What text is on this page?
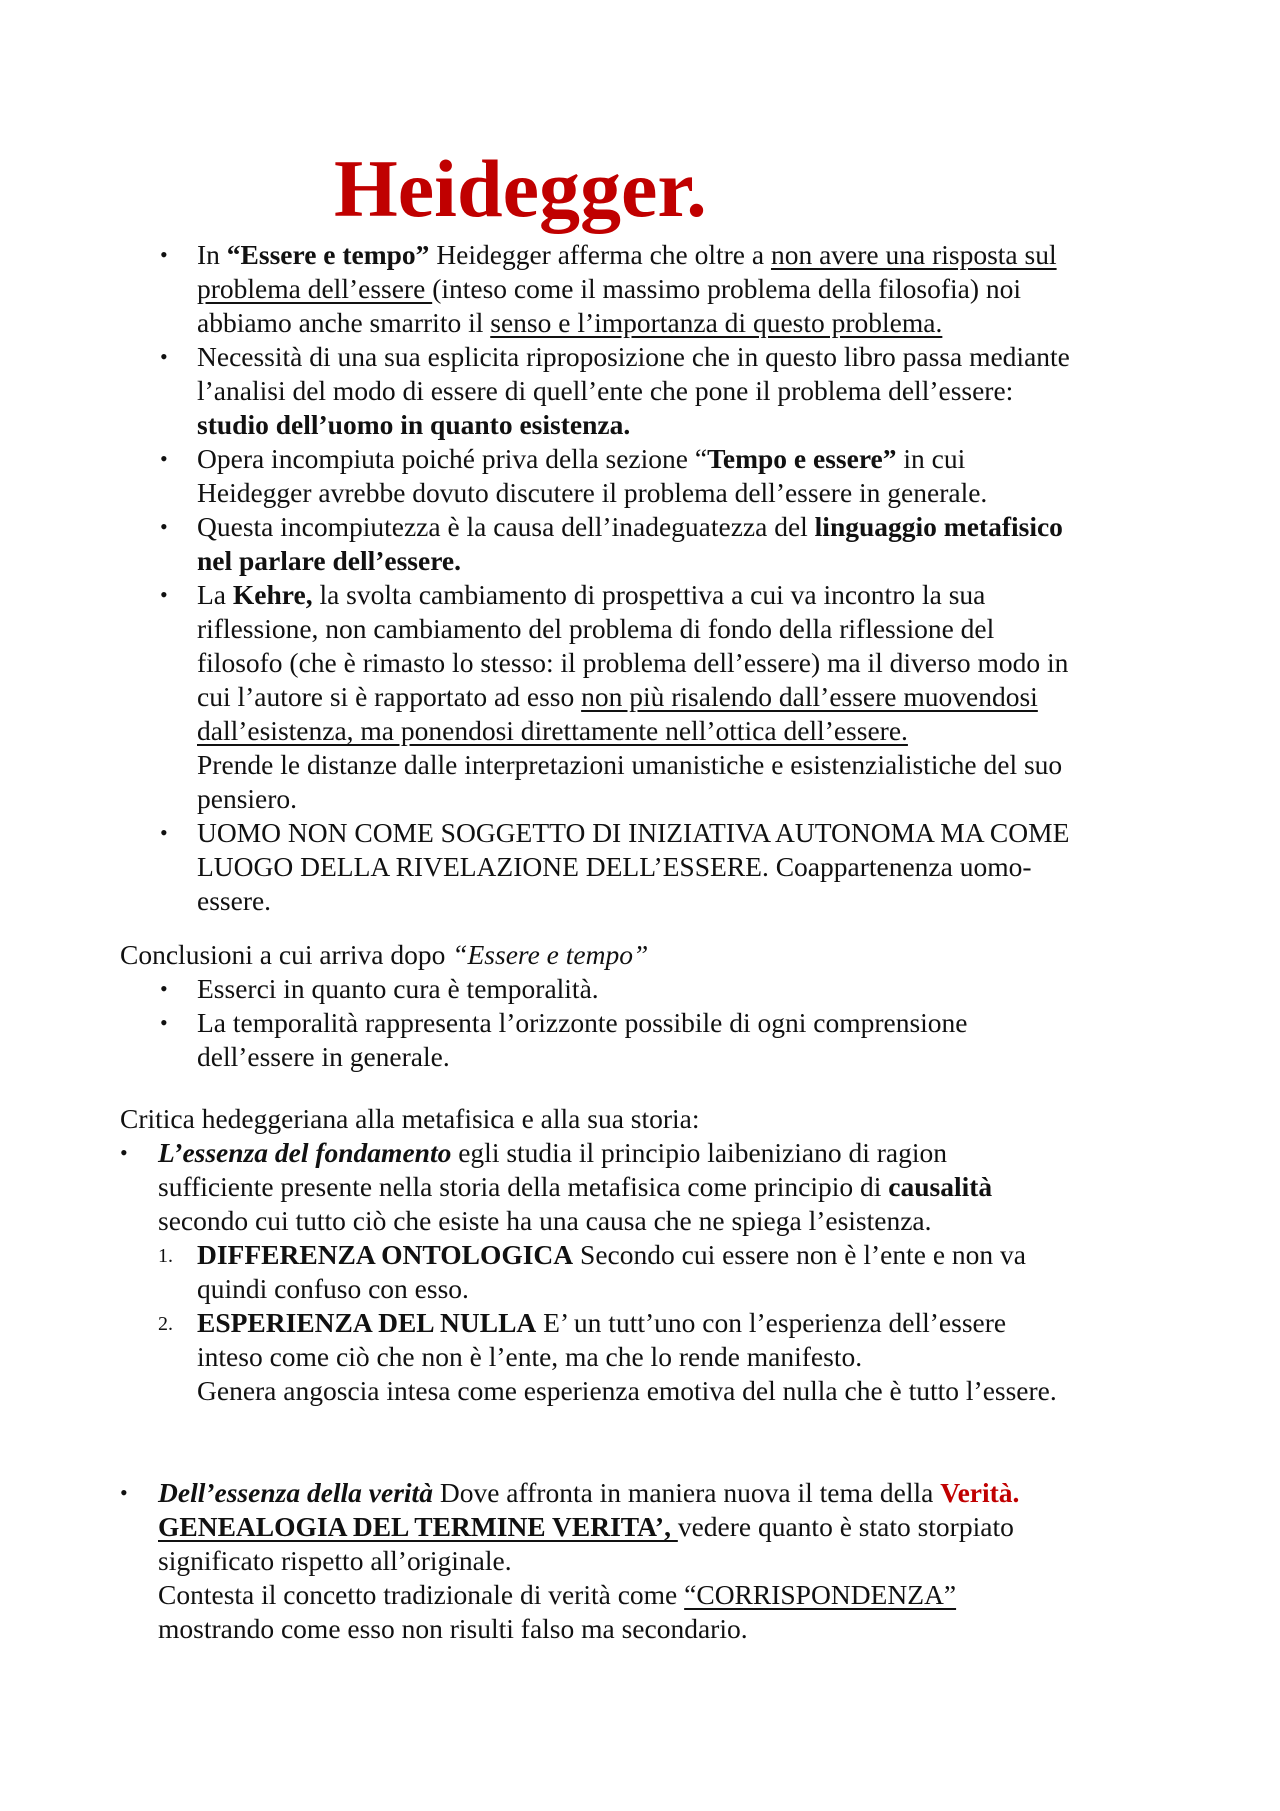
Heidegger.
• In “Essere e tempo” Heidegger afferma che oltre a non avere una risposta sul
problema dell’essere (inteso come il massimo problema della filosofia) noi
abbiamo anche smarrito il senso e l’importanza di questo problema.
• Necessità di una sua esplicita riproposizione che in questo libro passa mediante
l’analisi del modo di essere di quell’ente che pone il problema dell’essere:
studio dell’uomo in quanto esistenza.
• Opera incompiuta poiché priva della sezione “Tempo e essere” in cui
Heidegger avrebbe dovuto discutere il problema dell’essere in generale.
• Questa incompiutezza è la causa dell’inadeguatezza del linguaggio metafisico
nel parlare dell’essere.
• La Kehre, la svolta cambiamento di prospettiva a cui va incontro la sua
riflessione, non cambiamento del problema di fondo della riflessione del
filosofo (che è rimasto lo stesso: il problema dell’essere) ma il diverso modo in
cui l’autore si è rapportato ad esso non più risalendo dall’essere muovendosi
dall’esistenza, ma ponendosi direttamente nell’ottica dell’essere.
Prende le distanze dalle interpretazioni umanistiche e esistenzialistiche del suo
pensiero.
• UOMO NON COME SOGGETTO DI INIZIATIVA AUTONOMA MA COME
LUOGO DELLA RIVELAZIONE DELL’ESSERE. Coappartenenza uomo-
essere.
Conclusioni a cui arriva dopo “Essere e tempo”
• Esserci in quanto cura è temporalità.
• La temporalità rappresenta l’orizzonte possibile di ogni comprensione
dell’essere in generale.
Critica hedeggeriana alla metafisica e alla sua storia:
• L’essenza del fondamento egli studia il principio laibeniziano di ragion
sufficiente presente nella storia della metafisica come principio di causalità
secondo cui tutto ciò che esiste ha una causa che ne spiega l’esistenza.
1. DIFFERENZA ONTOLOGICA Secondo cui essere non è l’ente e non va
quindi confuso con esso.
2. ESPERIENZA DEL NULLA E’ un tutt’uno con l’esperienza dell’essere
inteso come ciò che non è l’ente, ma che lo rende manifesto.
Genera angoscia intesa come esperienza emotiva del nulla che è tutto l’essere.
• Dell’essenza della verità Dove affronta in maniera nuova il tema della Verità.
GENEALOGIA DEL TERMINE VERITA’, vedere quanto è stato storpiato
significato rispetto all’originale.
Contesta il concetto tradizionale di verità come “CORRISPONDENZA”
mostrando come esso non risulti falso ma secondario.
